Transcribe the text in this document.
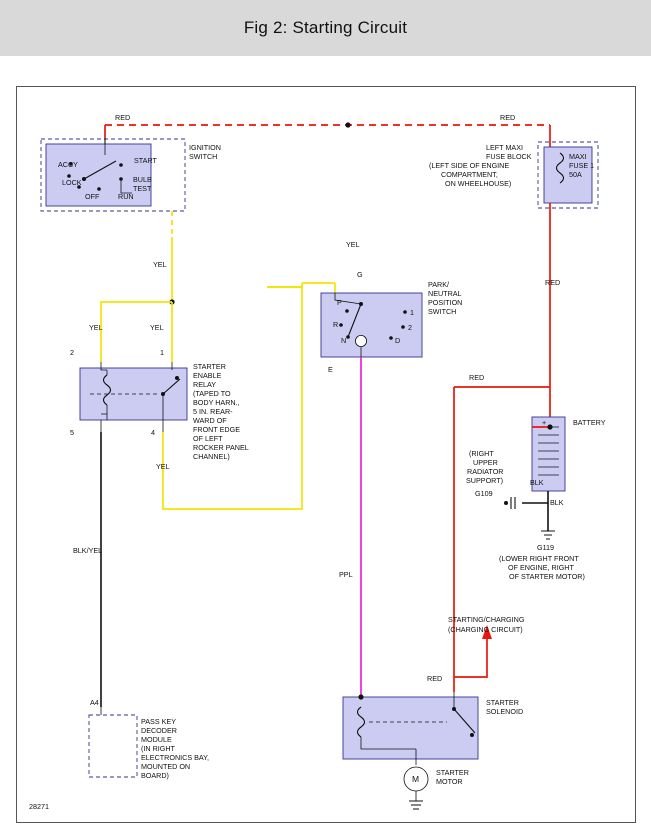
Fig 2: Starting Circuit
+
M
RED	RED
IGNITION
SWITCH
ACCY
LOCK
OFF	RUN
START
BULB
TEST
LEFT MAXI
FUSE BLOCK
(LEFT SIDE OF ENGINE
COMPARTMENT,
ON WHEELHOUSE)
MAXI
FUSE 1
50A
YEL
YEL	YEL
YEL
YEL
RED
RED
RED
BLK/YEL
PPL
BLK
BLK
2	1
5	4
STARTER
ENABLE
RELAY
(TAPED TO
BODY HARN.,
5 IN. REAR-
WARD OF
FRONT EDGE
OF LEFT
ROCKER PANEL
CHANNEL)
G
P
R
N	D
2
1
E
PARK/
NEUTRAL
POSITION
SWITCH
BATTERY
(RIGHT
UPPER
RADIATOR
SUPPORT)
G109
G119
(LOWER RIGHT FRONT
OF ENGINE, RIGHT
OF STARTER MOTOR)
STARTING/CHARGING
(CHARGING CIRCUIT)
STARTER
SOLENOID
STARTER
MOTOR
A4
PASS KEY
DECODER
MODULE
(IN RIGHT
ELECTRONICS BAY,
MOUNTED ON
BOARD)
28271
